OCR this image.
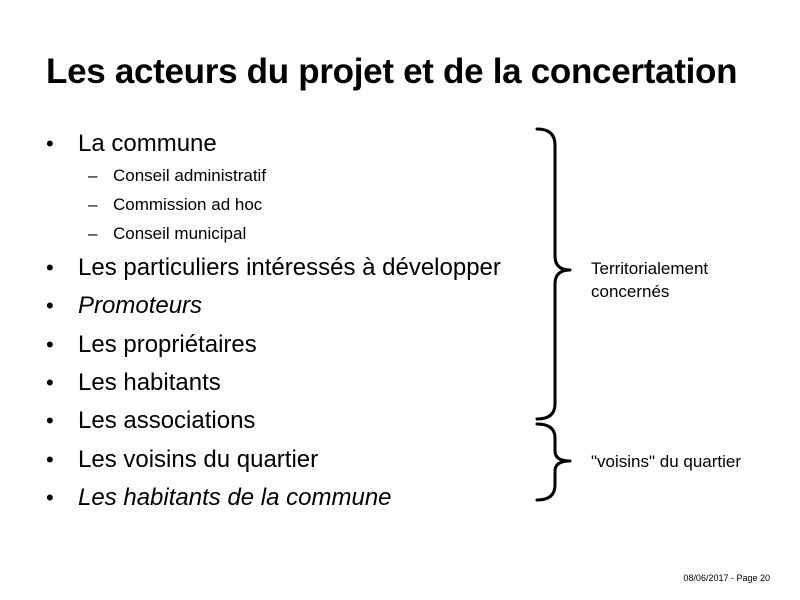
Les acteurs du projet et de la concertation
• La commune
– Conseil administratif
– Commission ad hoc
– Conseil municipal
• Les particuliers intéressés à développer
• Promoteurs
• Les propriétaires
• Les habitants
• Les associations
• Les voisins du quartier
• Les habitants de la commune
Territorialement
concernés
"voisins" du quartier
08/06/2017 - Page 20
